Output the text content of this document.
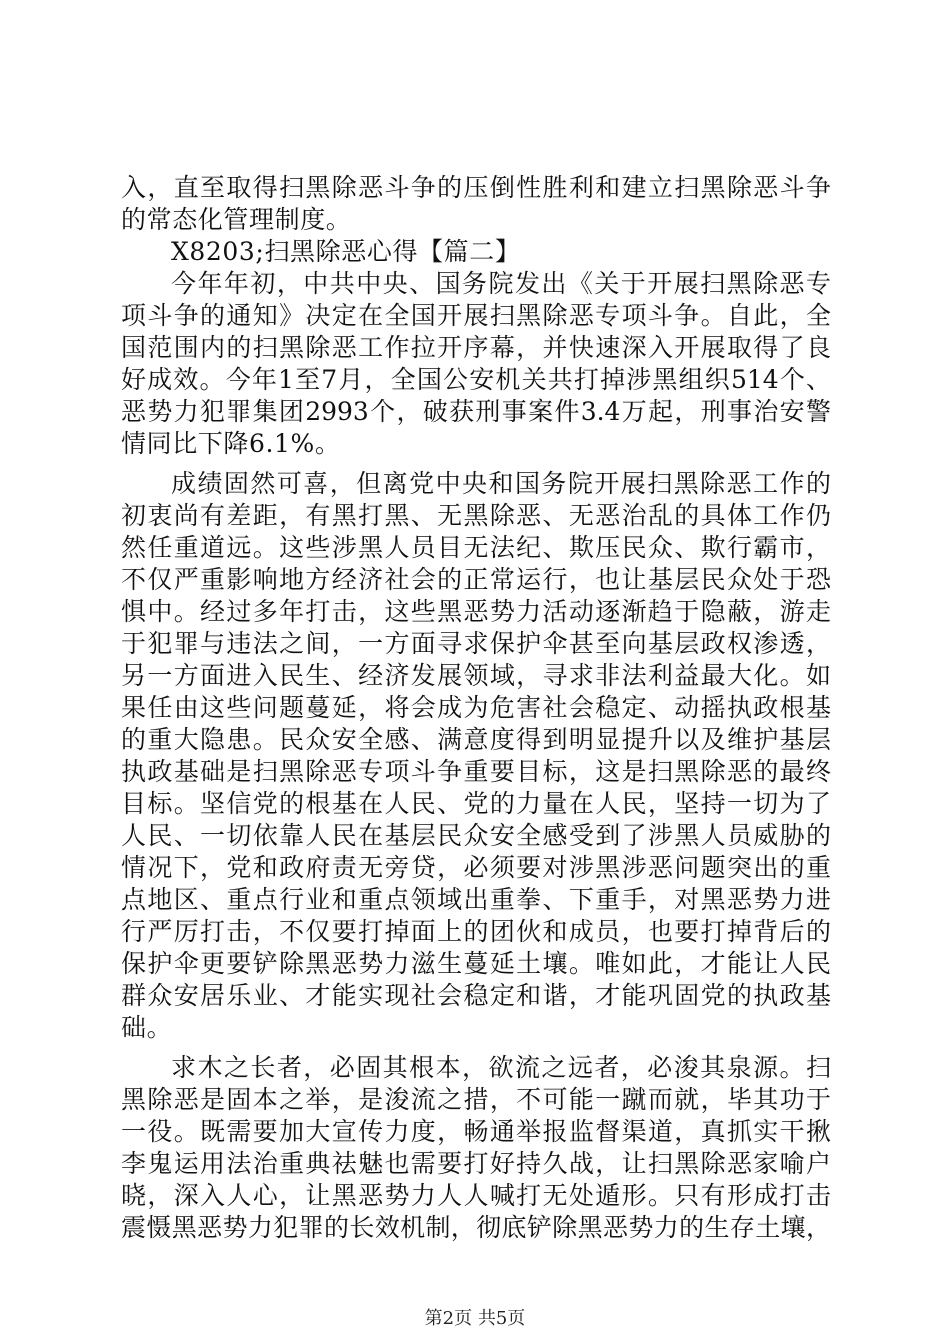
入，直至取得扫黑除恶斗争的压倒性胜利和建立扫黑除恶斗争
的常态化管理制度。
X8203;扫黑除恶心得【篇二】
今年年初，中共中央、国务院发出《关于开展扫黑除恶专
项斗争的通知》决定在全国开展扫黑除恶专项斗争。自此，全
国范围内的扫黑除恶工作拉开序幕，并快速深入开展取得了良
好成效。今年1至7月，全国公安机关共打掉涉黑组织514个、
恶势力犯罪集团2993个，破获刑事案件3.4万起，刑事治安警
情同比下降6.1%。
成绩固然可喜，但离党中央和国务院开展扫黑除恶工作的
初衷尚有差距，有黑打黑、无黑除恶、无恶治乱的具体工作仍
然任重道远。这些涉黑人员目无法纪、欺压民众、欺行霸市，
不仅严重影响地方经济社会的正常运行，也让基层民众处于恐
惧中。经过多年打击，这些黑恶势力活动逐渐趋于隐蔽，游走
于犯罪与违法之间，一方面寻求保护伞甚至向基层政权渗透，
另一方面进入民生、经济发展领域，寻求非法利益最大化。如
果任由这些问题蔓延，将会成为危害社会稳定、动摇执政根基
的重大隐患。民众安全感、满意度得到明显提升以及维护基层
执政基础是扫黑除恶专项斗争重要目标，这是扫黑除恶的最终
目标。坚信党的根基在人民、党的力量在人民，坚持一切为了
人民、一切依靠人民在基层民众安全感受到了涉黑人员威胁的
情况下，党和政府责无旁贷，必须要对涉黑涉恶问题突出的重
点地区、重点行业和重点领域出重拳、下重手，对黑恶势力进
行严厉打击，不仅要打掉面上的团伙和成员，也要打掉背后的
保护伞更要铲除黑恶势力滋生蔓延土壤。唯如此，才能让人民
群众安居乐业、才能实现社会稳定和谐，才能巩固党的执政基
础。
求木之长者，必固其根本，欲流之远者，必浚其泉源。扫
黑除恶是固本之举，是浚流之措，不可能一蹴而就，毕其功于
一役。既需要加大宣传力度，畅通举报监督渠道，真抓实干揪
李鬼运用法治重典祛魅也需要打好持久战，让扫黑除恶家喻户
晓，深入人心，让黑恶势力人人喊打无处遁形。只有形成打击
震慑黑恶势力犯罪的长效机制，彻底铲除黑恶势力的生存土壤，
第2页 共5页
